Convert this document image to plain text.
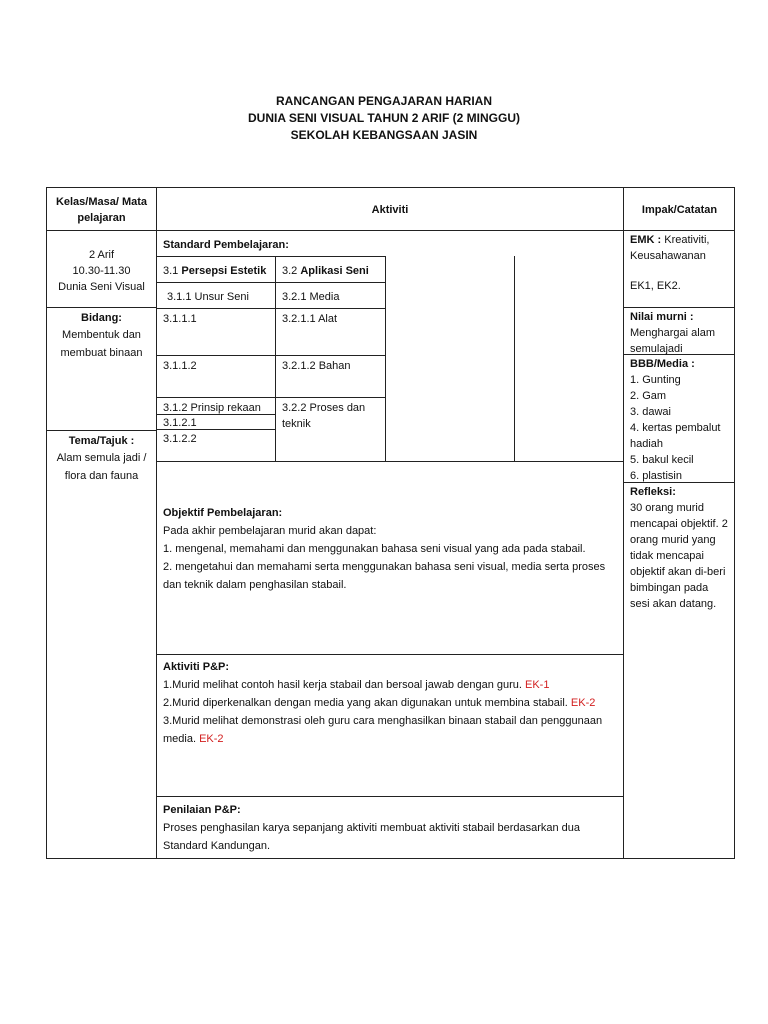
RANCANGAN PENGAJARAN HARIAN
DUNIA SENI VISUAL TAHUN 2 ARIF (2 MINGGU)
SEKOLAH KEBANGSAAN JASIN
Kelas/Masa/ Mata pelajaran
Aktiviti	Impak/Catatan
2 Arif
10.30-11.30
Dunia Seni Visual
Bidang:
Membentuk dan membuat binaan
Tema/Tajuk :
Alam semula jadi / flora dan fauna
Standard Pembelajaran:
3.1 Persepsi Estetik	3.2 Aplikasi Seni
3.1.1 Unsur Seni	3.2.1 Media
3.1.1.1	3.2.1.1 Alat
3.1.1.2	3.2.1.2 Bahan
3.1.2 Prinsip rekaan	3.2.2 Proses dan teknik
3.1.2.1
3.1.2.2
Objektif Pembelajaran:
Pada akhir pembelajaran murid akan dapat:
1. mengenal, memahami dan menggunakan bahasa seni visual yang ada pada stabail.
2. mengetahui dan memahami serta menggunakan bahasa seni visual, media serta proses dan teknik dalam penghasilan stabail.
Aktiviti P&P:
1.Murid melihat contoh hasil kerja stabail dan bersoal jawab dengan guru. EK-1
2.Murid diperkenalkan dengan media yang akan digunakan untuk membina stabail. EK-2
3.Murid melihat demonstrasi oleh guru cara menghasilkan binaan stabail dan penggunaan media. EK-2
Penilaian P&P:
Proses penghasilan karya sepanjang aktiviti membuat aktiviti stabail berdasarkan dua Standard Kandungan.
EMK : Kreativiti, Keusahawanan
EK1, EK2.
Nilai murni :
Menghargai alam semulajadi
BBB/Media :
1. Gunting
2. Gam
3. dawai
4. kertas pembalut hadiah
5. bakul kecil
6. plastisin
Refleksi:
30 orang murid mencapai objektif. 2 orang murid yang tidak mencapai objektif akan di-beri bimbingan pada sesi akan datang.
